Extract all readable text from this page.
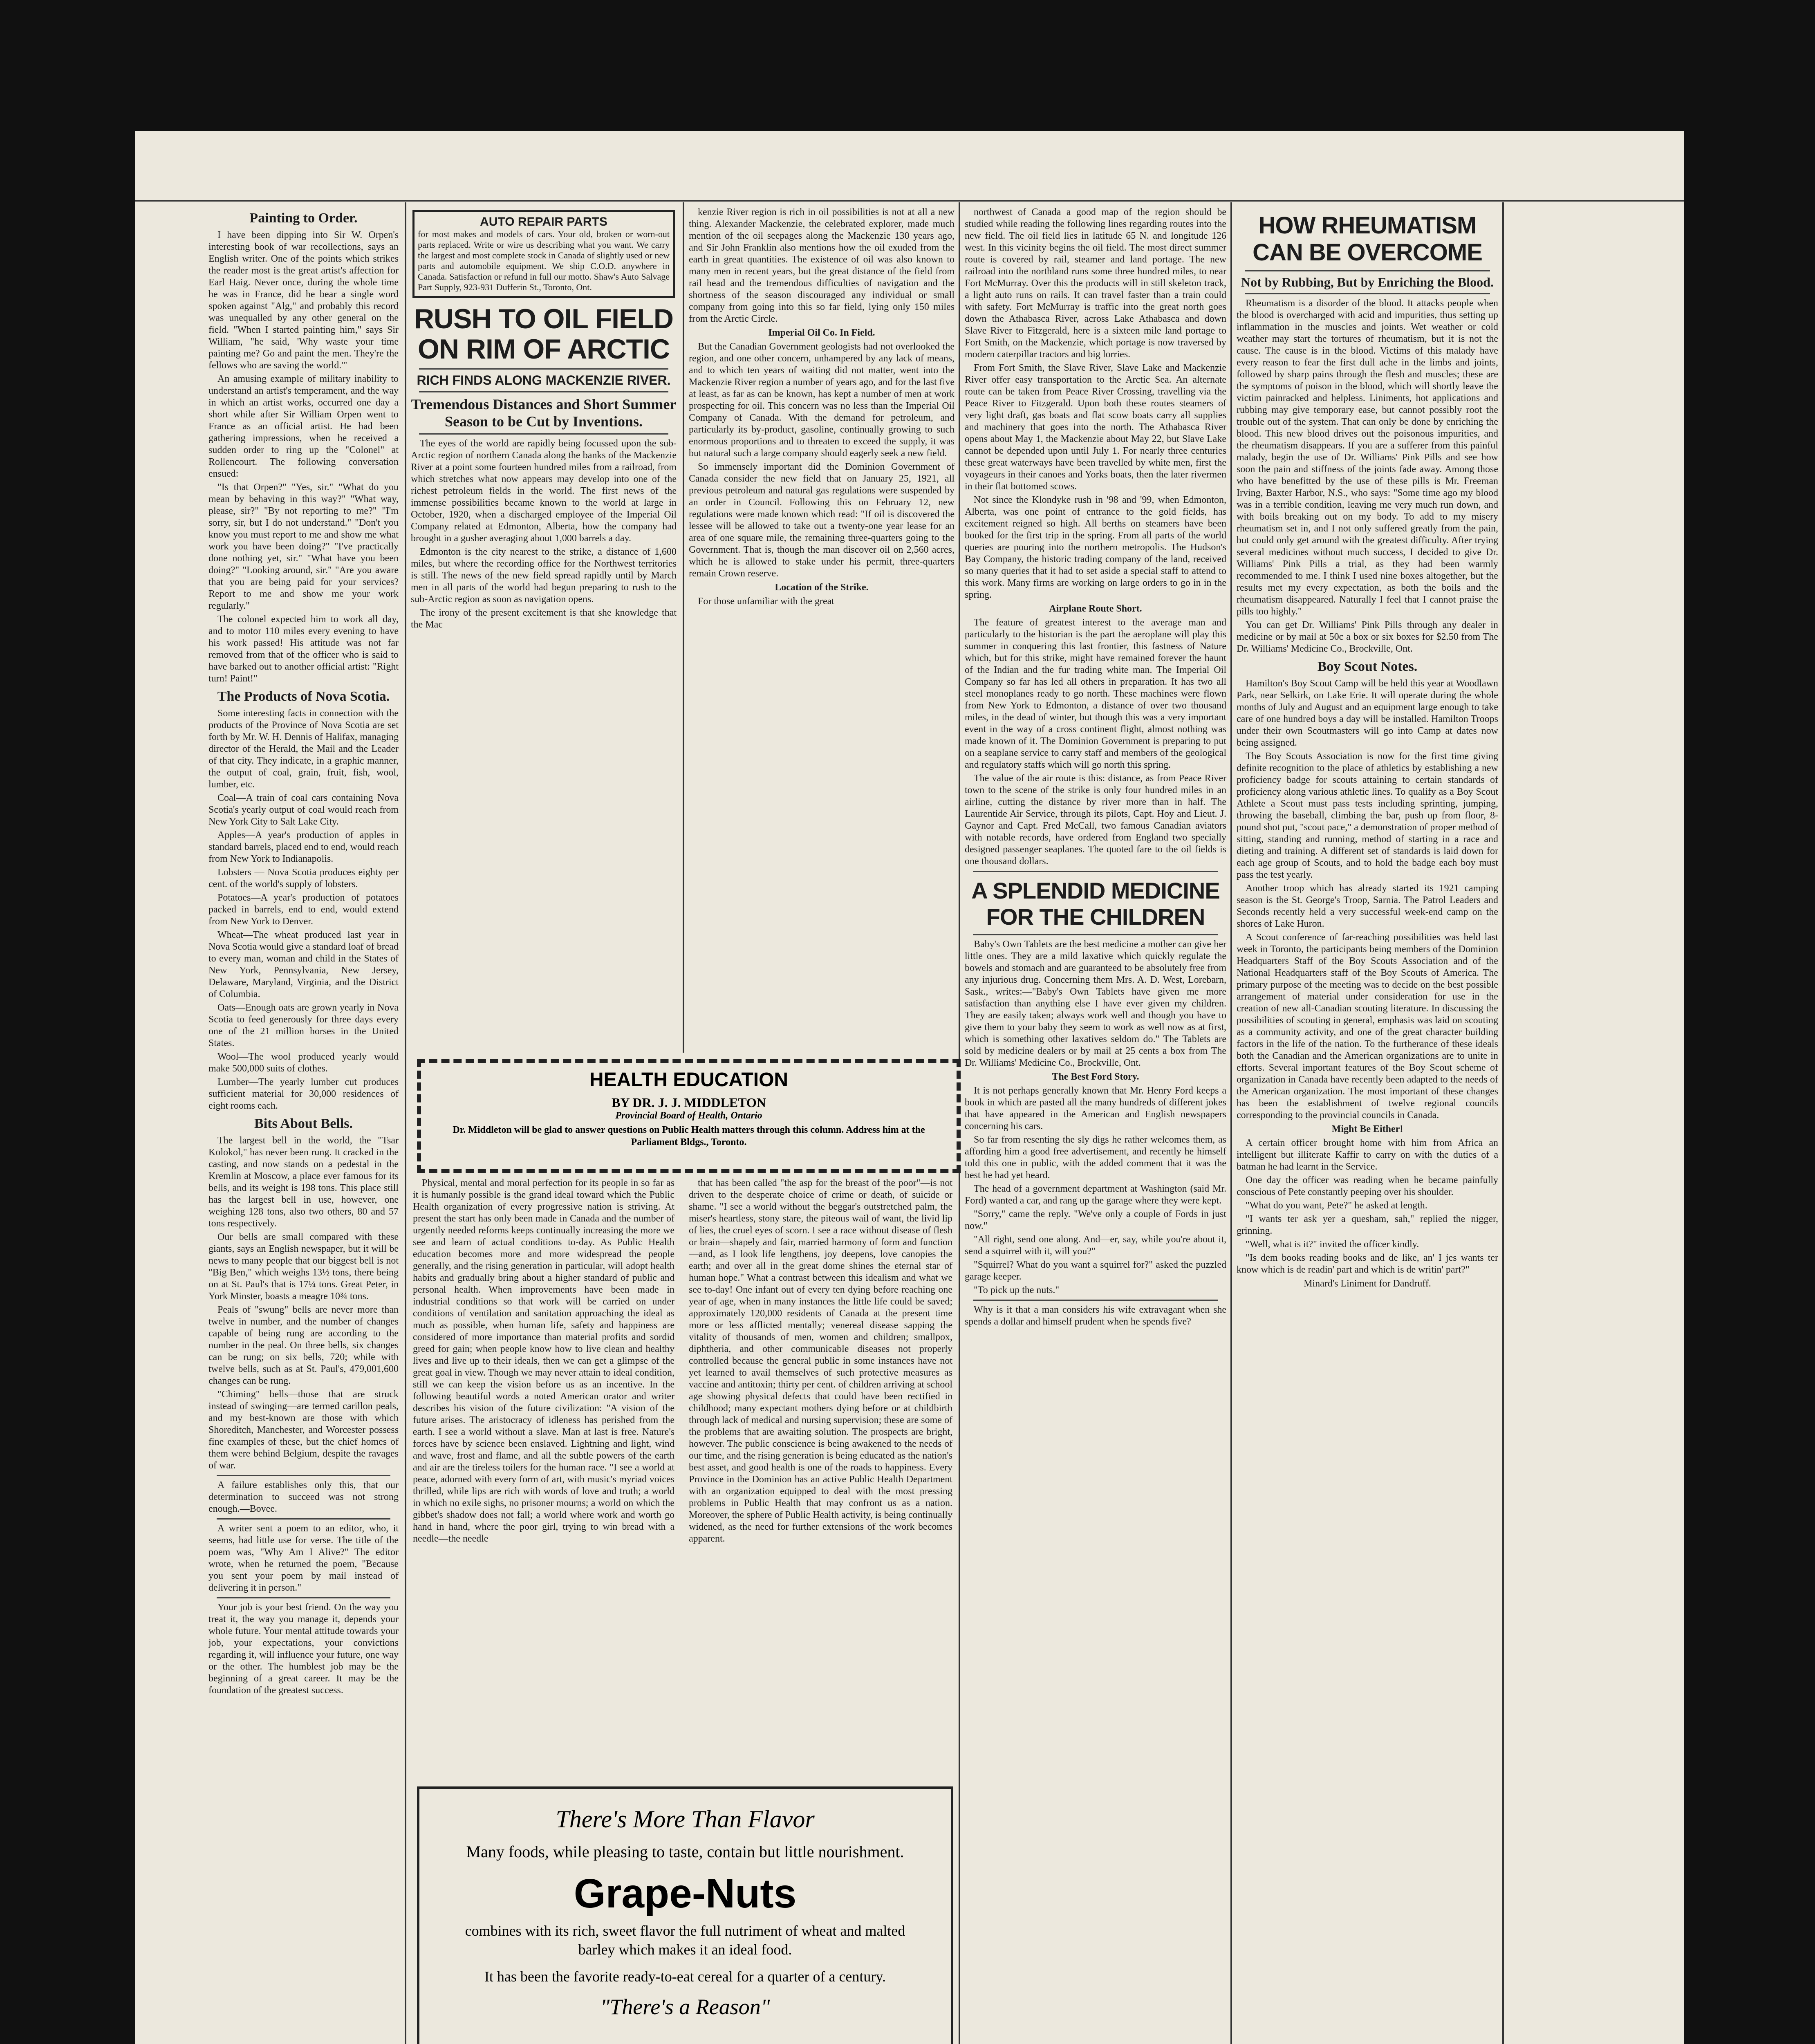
Painting to Order.

I have been dipping into Sir W. Orpen's interesting book of war recollections, says an English writer. One of the points which strikes the reader most is the great artist's affection for Earl Haig. Never once, during the whole time he was in France, did he bear a single word spoken against "Alg," and probably this record was unequalled by any other general on the field. "When I started painting him," says Sir William, "he said, 'Why waste your time painting me? Go and paint the men. They're the fellows who are saving the world.'"

An amusing example of military inability to understand an artist's temperament, and the way in which an artist works, occurred one day a short while after Sir William Orpen went to France as an official artist. He had been gathering impressions, when he received a sudden order to ring up the "Colonel" at Rollencourt. The following conversation ensued:

"Is that Orpen?" "Yes, sir." "What do you mean by behaving in this way?" "What way, please, sir?" "By not reporting to me?" "I'm sorry, sir, but I do not understand." "Don't you know you must report to me and show me what work you have been doing?" "I've practically done nothing yet, sir." "What have you been doing?" "Looking around, sir." "Are you aware that you are being paid for your services? Report to me and show me your work regularly."

The colonel expected him to work all day, and to motor 110 miles every evening to have his work passed! His attitude was not far removed from that of the officer who is said to have barked out to another official artist: "Right turn! Paint!"

The Products of Nova Scotia.

Some interesting facts in connection with the products of the Province of Nova Scotia are set forth by Mr. W. H. Dennis of Halifax, managing director of the Herald, the Mail and the Leader of that city. They indicate, in a graphic manner, the output of coal, grain, fruit, fish, wool, lumber, etc.

Coal—A train of coal cars containing Nova Scotia's yearly output of coal would reach from New York City to Salt Lake City.

Apples—A year's production of apples in standard barrels, placed end to end, would reach from New York to Indianapolis.

Lobsters — Nova Scotia produces eighty per cent. of the world's supply of lobsters.

Potatoes—A year's production of potatoes packed in barrels, end to end, would extend from New York to Denver.

Wheat—The wheat produced last year in Nova Scotia would give a standard loaf of bread to every man, woman and child in the States of New York, Pennsylvania, New Jersey, Delaware, Maryland, Virginia, and the District of Columbia.

Oats—Enough oats are grown yearly in Nova Scotia to feed generously for three days every one of the 21 million horses in the United States.

Wool—The wool produced yearly would make 500,000 suits of clothes.

Lumber—The yearly lumber cut produces sufficient material for 30,000 residences of eight rooms each.

Bits About Bells.

The largest bell in the world, the "Tsar Kolokol," has never been rung. It cracked in the casting, and now stands on a pedestal in the Kremlin at Moscow, a place ever famous for its bells, and its weight is 198 tons. This place still has the largest bell in use, however, one weighing 128 tons, also two others, 80 and 57 tons respectively.

Our bells are small compared with these giants, says an English newspaper, but it will be news to many people that our biggest bell is not "Big Ben," which weighs 13½ tons, there being on at St. Paul's that is 17¼ tons. Great Peter, in York Minster, boasts a meagre 10¾ tons.

Peals of "swung" bells are never more than twelve in number, and the number of changes capable of being rung are according to the number in the peal. On three bells, six changes can be rung; on six bells, 720; while with twelve bells, such as at St. Paul's, 479,001,600 changes can be rung.

"Chiming" bells—those that are struck instead of swinging—are termed carillon peals, and my best-known are those with which Shoreditch, Manchester, and Worcester possess fine examples of these, but the chief homes of them were behind Belgium, despite the ravages of war.

A failure establishes only this, that our determination to succeed was not strong enough.—Bovee.

A writer sent a poem to an editor, who, it seems, had little use for verse. The title of the poem was, "Why Am I Alive?" The editor wrote, when he returned the poem, "Because you sent your poem by mail instead of delivering it in person."

Your job is your best friend. On the way you treat it, the way you manage it, depends your whole future. Your mental attitude towards your job, your expectations, your convictions regarding it, will influence your future, one way or the other. The humblest job may be the beginning of a great career. It may be the foundation of the greatest success.

AUTO REPAIR PARTS
for most makes and models of cars. Your old, broken or worn-out parts replaced. Write or wire us describing what you want. We carry the largest and most complete stock in Canada of slightly used or new parts and automobile equipment. We ship C.O.D. anywhere in Canada. Satisfaction or refund in full our motto. Shaw's Auto Salvage Part Supply, 923-931 Dufferin St., Toronto, Ont.
RUSH TO OIL FIELD ON RIM OF ARCTIC
RICH FINDS ALONG MACKENZIE RIVER.
Tremendous Distances and Short Summer Season to be Cut by Inventions.

The eyes of the world are rapidly being focussed upon the sub-Arctic region of northern Canada along the banks of the Mackenzie River at a point some fourteen hundred miles from a railroad, from which stretches what now appears may develop into one of the richest petroleum fields in the world. The first news of the immense possibilities became known to the world at large in October, 1920, when a discharged employee of the Imperial Oil Company related at Edmonton, Alberta, how the company had brought in a gusher averaging about 1,000 barrels a day.

Edmonton is the city nearest to the strike, a distance of 1,600 miles, but where the recording office for the Northwest territories is still. The news of the new field spread rapidly until by March men in all parts of the world had begun preparing to rush to the sub-Arctic region as soon as navigation opens.

The irony of the present excitement is that she knowledge that the Mac

kenzie River region is rich in oil possibilities is not at all a new thing. Alexander Mackenzie, the celebrated explorer, made much mention of the oil seepages along the Mackenzie 130 years ago, and Sir John Franklin also mentions how the oil exuded from the earth in great quantities. The existence of oil was also known to many men in recent years, but the great distance of the field from rail head and the tremendous difficulties of navigation and the shortness of the season discouraged any individual or small company from going into this so far field, lying only 150 miles from the Arctic Circle.

Imperial Oil Co. In Field.

But the Canadian Government geologists had not overlooked the region, and one other concern, unhampered by any lack of means, and to which ten years of waiting did not matter, went into the Mackenzie River region a number of years ago, and for the last five at least, as far as can be known, has kept a number of men at work prospecting for oil. This concern was no less than the Imperial Oil Company of Canada. With the demand for petroleum, and particularly its by-product, gasoline, continually growing to such enormous proportions and to threaten to exceed the supply, it was but natural such a large company should eagerly seek a new field.

So immensely important did the Dominion Government of Canada consider the new field that on January 25, 1921, all previous petroleum and natural gas regulations were suspended by an order in Council. Following this on February 12, new regulations were made known which read: "If oil is discovered the lessee will be allowed to take out a twenty-one year lease for an area of one square mile, the remaining three-quarters going to the Government. That is, though the man discover oil on 2,560 acres, which he is allowed to stake under his permit, three-quarters remain Crown reserve.

Location of the Strike.

For those unfamiliar with the great

HEALTH EDUCATION
BY DR. J. J. MIDDLETON
Provincial Board of Health, Ontario
Dr. Middleton will be glad to answer questions on Public Health matters through this column. Address him at the Parliament Bldgs., Toronto.

Physical, mental and moral perfection for its people in so far as it is humanly possible is the grand ideal toward which the Public Health organization of every progressive nation is striving. At present the start has only been made in Canada and the number of urgently needed reforms keeps continually increasing the more we see and learn of actual conditions to-day. As Public Health education becomes more and more widespread the people generally, and the rising generation in particular, will adopt health habits and gradually bring about a higher standard of public and personal health. When improvements have been made in industrial conditions so that work will be carried on under conditions of ventilation and sanitation approaching the ideal as much as possible, when human life, safety and happiness are considered of more importance than material profits and sordid greed for gain; when people know how to live clean and healthy lives and live up to their ideals, then we can get a glimpse of the great goal in view. Though we may never attain to ideal condition, still we can keep the vision before us as an incentive. In the following beautiful words a noted American orator and writer describes his vision of the future civilization: "A vision of the future arises. The aristocracy of idleness has perished from the earth. I see a world without a slave. Man at last is free. Nature's forces have by science been enslaved. Lightning and light, wind and wave, frost and flame, and all the subtle powers of the earth and air are the tireless toilers for the human race. "I see a world at peace, adorned with every form of art, with music's myriad voices thrilled, while lips are rich with words of love and truth; a world in which no exile sighs, no prisoner mourns; a world on which the gibbet's shadow does not fall; a world where work and worth go hand in hand, where the poor girl, trying to win bread with a needle—the needle

that has been called "the asp for the breast of the poor"—is not driven to the desperate choice of crime or death, of suicide or shame. "I see a world without the beggar's outstretched palm, the miser's heartless, stony stare, the piteous wail of want, the livid lip of lies, the cruel eyes of scorn. I see a race without disease of flesh or brain—shapely and fair, married harmony of form and function—and, as I look life lengthens, joy deepens, love canopies the earth; and over all in the great dome shines the eternal star of human hope." What a contrast between this idealism and what we see to-day! One infant out of every ten dying before reaching one year of age, when in many instances the little life could be saved; approximately 120,000 residents of Canada at the present time more or less afflicted mentally; venereal disease sapping the vitality of thousands of men, women and children; smallpox, diphtheria, and other communicable diseases not properly controlled because the general public in some instances have not yet learned to avail themselves of such protective measures as vaccine and antitoxin; thirty per cent. of children arriving at school age showing physical defects that could have been rectified in childhood; many expectant mothers dying before or at childbirth through lack of medical and nursing supervision; these are some of the problems that are awaiting solution. The prospects are bright, however. The public conscience is being awakened to the needs of our time, and the rising generation is being educated as the nation's best asset, and good health is one of the roads to happiness. Every Province in the Dominion has an active Public Health Department with an organization equipped to deal with the most pressing problems in Public Health that may confront us as a nation. Moreover, the sphere of Public Health activity, is being continually widened, as the need for further extensions of the work becomes apparent.

There's More Than Flavor
Many foods, while pleasing to taste, contain but little nourishment.
Grape-Nuts
combines with its rich, sweet flavor the full nutriment of wheat and malted barley which makes it an ideal food.
It has been the favorite ready-to-eat cereal for a quarter of a century.
"There's a Reason"

northwest of Canada a good map of the region should be studied while reading the following lines regarding routes into the new field. The oil field lies in latitude 65 N. and longitude 126 west. In this vicinity begins the oil field. The most direct summer route is covered by rail, steamer and land portage. The new railroad into the northland runs some three hundred miles, to near Fort McMurray. Over this the products will in still skeleton track, a light auto runs on rails. It can travel faster than a train could with safety. Fort McMurray is traffic into the great north goes down the Athabasca River, across Lake Athabasca and down Slave River to Fitzgerald, here is a sixteen mile land portage to Fort Smith, on the Mackenzie, which portage is now traversed by modern caterpillar tractors and big lorries.

From Fort Smith, the Slave River, Slave Lake and Mackenzie River offer easy transportation to the Arctic Sea. An alternate route can be taken from Peace River Crossing, travelling via the Peace River to Fitzgerald. Upon both these routes steamers of very light draft, gas boats and flat scow boats carry all supplies and machinery that goes into the north. The Athabasca River opens about May 1, the Mackenzie about May 22, but Slave Lake cannot be depended upon until July 1. For nearly three centuries these great waterways have been travelled by white men, first the voyageurs in their canoes and Yorks boats, then the later rivermen in their flat bottomed scows.

Not since the Klondyke rush in '98 and '99, when Edmonton, Alberta, was one point of entrance to the gold fields, has excitement reigned so high. All berths on steamers have been booked for the first trip in the spring. From all parts of the world queries are pouring into the northern metropolis. The Hudson's Bay Company, the historic trading company of the land, received so many queries that it had to set aside a special staff to attend to this work. Many firms are working on large orders to go in in the spring.

Airplane Route Short.

The feature of greatest interest to the average man and particularly to the historian is the part the aeroplane will play this summer in conquering this last frontier, this fastness of Nature which, but for this strike, might have remained forever the haunt of the Indian and the fur trading white man. The Imperial Oil Company so far has led all others in preparation. It has two all steel monoplanes ready to go north. These machines were flown from New York to Edmonton, a distance of over two thousand miles, in the dead of winter, but though this was a very important event in the way of a cross continent flight, almost nothing was made known of it. The Dominion Government is preparing to put on a seaplane service to carry staff and members of the geological and regulatory staffs which will go north this spring.

The value of the air route is this: distance, as from Peace River town to the scene of the strike is only four hundred miles in an airline, cutting the distance by river more than in half. The Laurentide Air Service, through its pilots, Capt. Hoy and Lieut. J. Gaynor and Capt. Fred McCall, two famous Canadian aviators with notable records, have ordered from England two specially designed passenger seaplanes. The quoted fare to the oil fields is one thousand dollars.

A SPLENDID MEDICINE FOR THE CHILDREN

Baby's Own Tablets are the best medicine a mother can give her little ones. They are a mild laxative which quickly regulate the bowels and stomach and are guaranteed to be absolutely free from any injurious drug. Concerning them Mrs. A. D. West, Lorebarn, Sask., writes:—"Baby's Own Tablets have given me more satisfaction than anything else I have ever given my children. They are easily taken; always work well and though you have to give them to your baby they seem to work as well now as at first, which is something other laxatives seldom do." The Tablets are sold by medicine dealers or by mail at 25 cents a box from The Dr. Williams' Medicine Co., Brockville, Ont.

The Best Ford Story.

It is not perhaps generally known that Mr. Henry Ford keeps a book in which are pasted all the many hundreds of different jokes that have appeared in the American and English newspapers concerning his cars.

So far from resenting the sly digs he rather welcomes them, as affording him a good free advertisement, and recently he himself told this one in public, with the added comment that it was the best he had yet heard.

The head of a government department at Washington (said Mr. Ford) wanted a car, and rang up the garage where they were kept.

"Sorry," came the reply. "We've only a couple of Fords in just now."

"All right, send one along. And—er, say, while you're about it, send a squirrel with it, will you?"

"Squirrel? What do you want a squirrel for?" asked the puzzled garage keeper.

"To pick up the nuts."

Why is it that a man considers his wife extravagant when she spends a dollar and himself prudent when he spends five?

HOW RHEUMATISM CAN BE OVERCOME
Not by Rubbing, But by Enriching the Blood.

Rheumatism is a disorder of the blood. It attacks people when the blood is overcharged with acid and impurities, thus setting up inflammation in the muscles and joints. Wet weather or cold weather may start the tortures of rheumatism, but it is not the cause. The cause is in the blood. Victims of this malady have every reason to fear the first dull ache in the limbs and joints, followed by sharp pains through the flesh and muscles; these are the symptoms of poison in the blood, which will shortly leave the victim painracked and helpless. Liniments, hot applications and rubbing may give temporary ease, but cannot possibly root the trouble out of the system. That can only be done by enriching the blood. This new blood drives out the poisonous impurities, and the rheumatism disappears. If you are a sufferer from this painful malady, begin the use of Dr. Williams' Pink Pills and see how soon the pain and stiffness of the joints fade away. Among those who have benefitted by the use of these pills is Mr. Freeman Irving, Baxter Harbor, N.S., who says: "Some time ago my blood was in a terrible condition, leaving me very much run down, and with boils breaking out on my body. To add to my misery rheumatism set in, and I not only suffered greatly from the pain, but could only get around with the greatest difficulty. After trying several medicines without much success, I decided to give Dr. Williams' Pink Pills a trial, as they had been warmly recommended to me. I think I used nine boxes altogether, but the results met my every expectation, as both the boils and the rheumatism disappeared. Naturally I feel that I cannot praise the pills too highly."

You can get Dr. Williams' Pink Pills through any dealer in medicine or by mail at 50c a box or six boxes for $2.50 from The Dr. Williams' Medicine Co., Brockville, Ont.

Boy Scout Notes.

Hamilton's Boy Scout Camp will be held this year at Woodlawn Park, near Selkirk, on Lake Erie. It will operate during the whole months of July and August and an equipment large enough to take care of one hundred boys a day will be installed. Hamilton Troops under their own Scoutmasters will go into Camp at dates now being assigned.

The Boy Scouts Association is now for the first time giving definite recognition to the place of athletics by establishing a new proficiency badge for scouts attaining to certain standards of proficiency along various athletic lines. To qualify as a Boy Scout Athlete a Scout must pass tests including sprinting, jumping, throwing the baseball, climbing the bar, push up from floor, 8-pound shot put, "scout pace," a demonstration of proper method of sitting, standing and running, method of starting in a race and dieting and training. A different set of standards is laid down for each age group of Scouts, and to hold the badge each boy must pass the test yearly.

Another troop which has already started its 1921 camping season is the St. George's Troop, Sarnia. The Patrol Leaders and Seconds recently held a very successful week-end camp on the shores of Lake Huron.

A Scout conference of far-reaching possibilities was held last week in Toronto, the participants being members of the Dominion Headquarters Staff of the Boy Scouts Association and of the National Headquarters staff of the Boy Scouts of America. The primary purpose of the meeting was to decide on the best possible arrangement of material under consideration for use in the creation of new all-Canadian scouting literature. In discussing the possibilities of scouting in general, emphasis was laid on scouting as a community activity, and one of the great character building factors in the life of the nation. To the furtherance of these ideals both the Canadian and the American organizations are to unite in efforts. Several important features of the Boy Scout scheme of organization in Canada have recently been adapted to the needs of the American organization. The most important of these changes has been the establishment of twelve regional councils corresponding to the provincial councils in Canada.

Might Be Either!

A certain officer brought home with him from Africa an intelligent but illiterate Kaffir to carry on with the duties of a batman he had learnt in the Service.

One day the officer was reading when he became painfully conscious of Pete constantly peeping over his shoulder.

"What do you want, Pete?" he asked at length.

"I wants ter ask yer a quesham, sah," replied the nigger, grinning.

"Well, what is it?" invited the officer kindly.

"Is dem books reading books and de like, an' I jes wants ter know which is de readin' part and which is de writin' part?"

Minard's Liniment for Dandruff.
